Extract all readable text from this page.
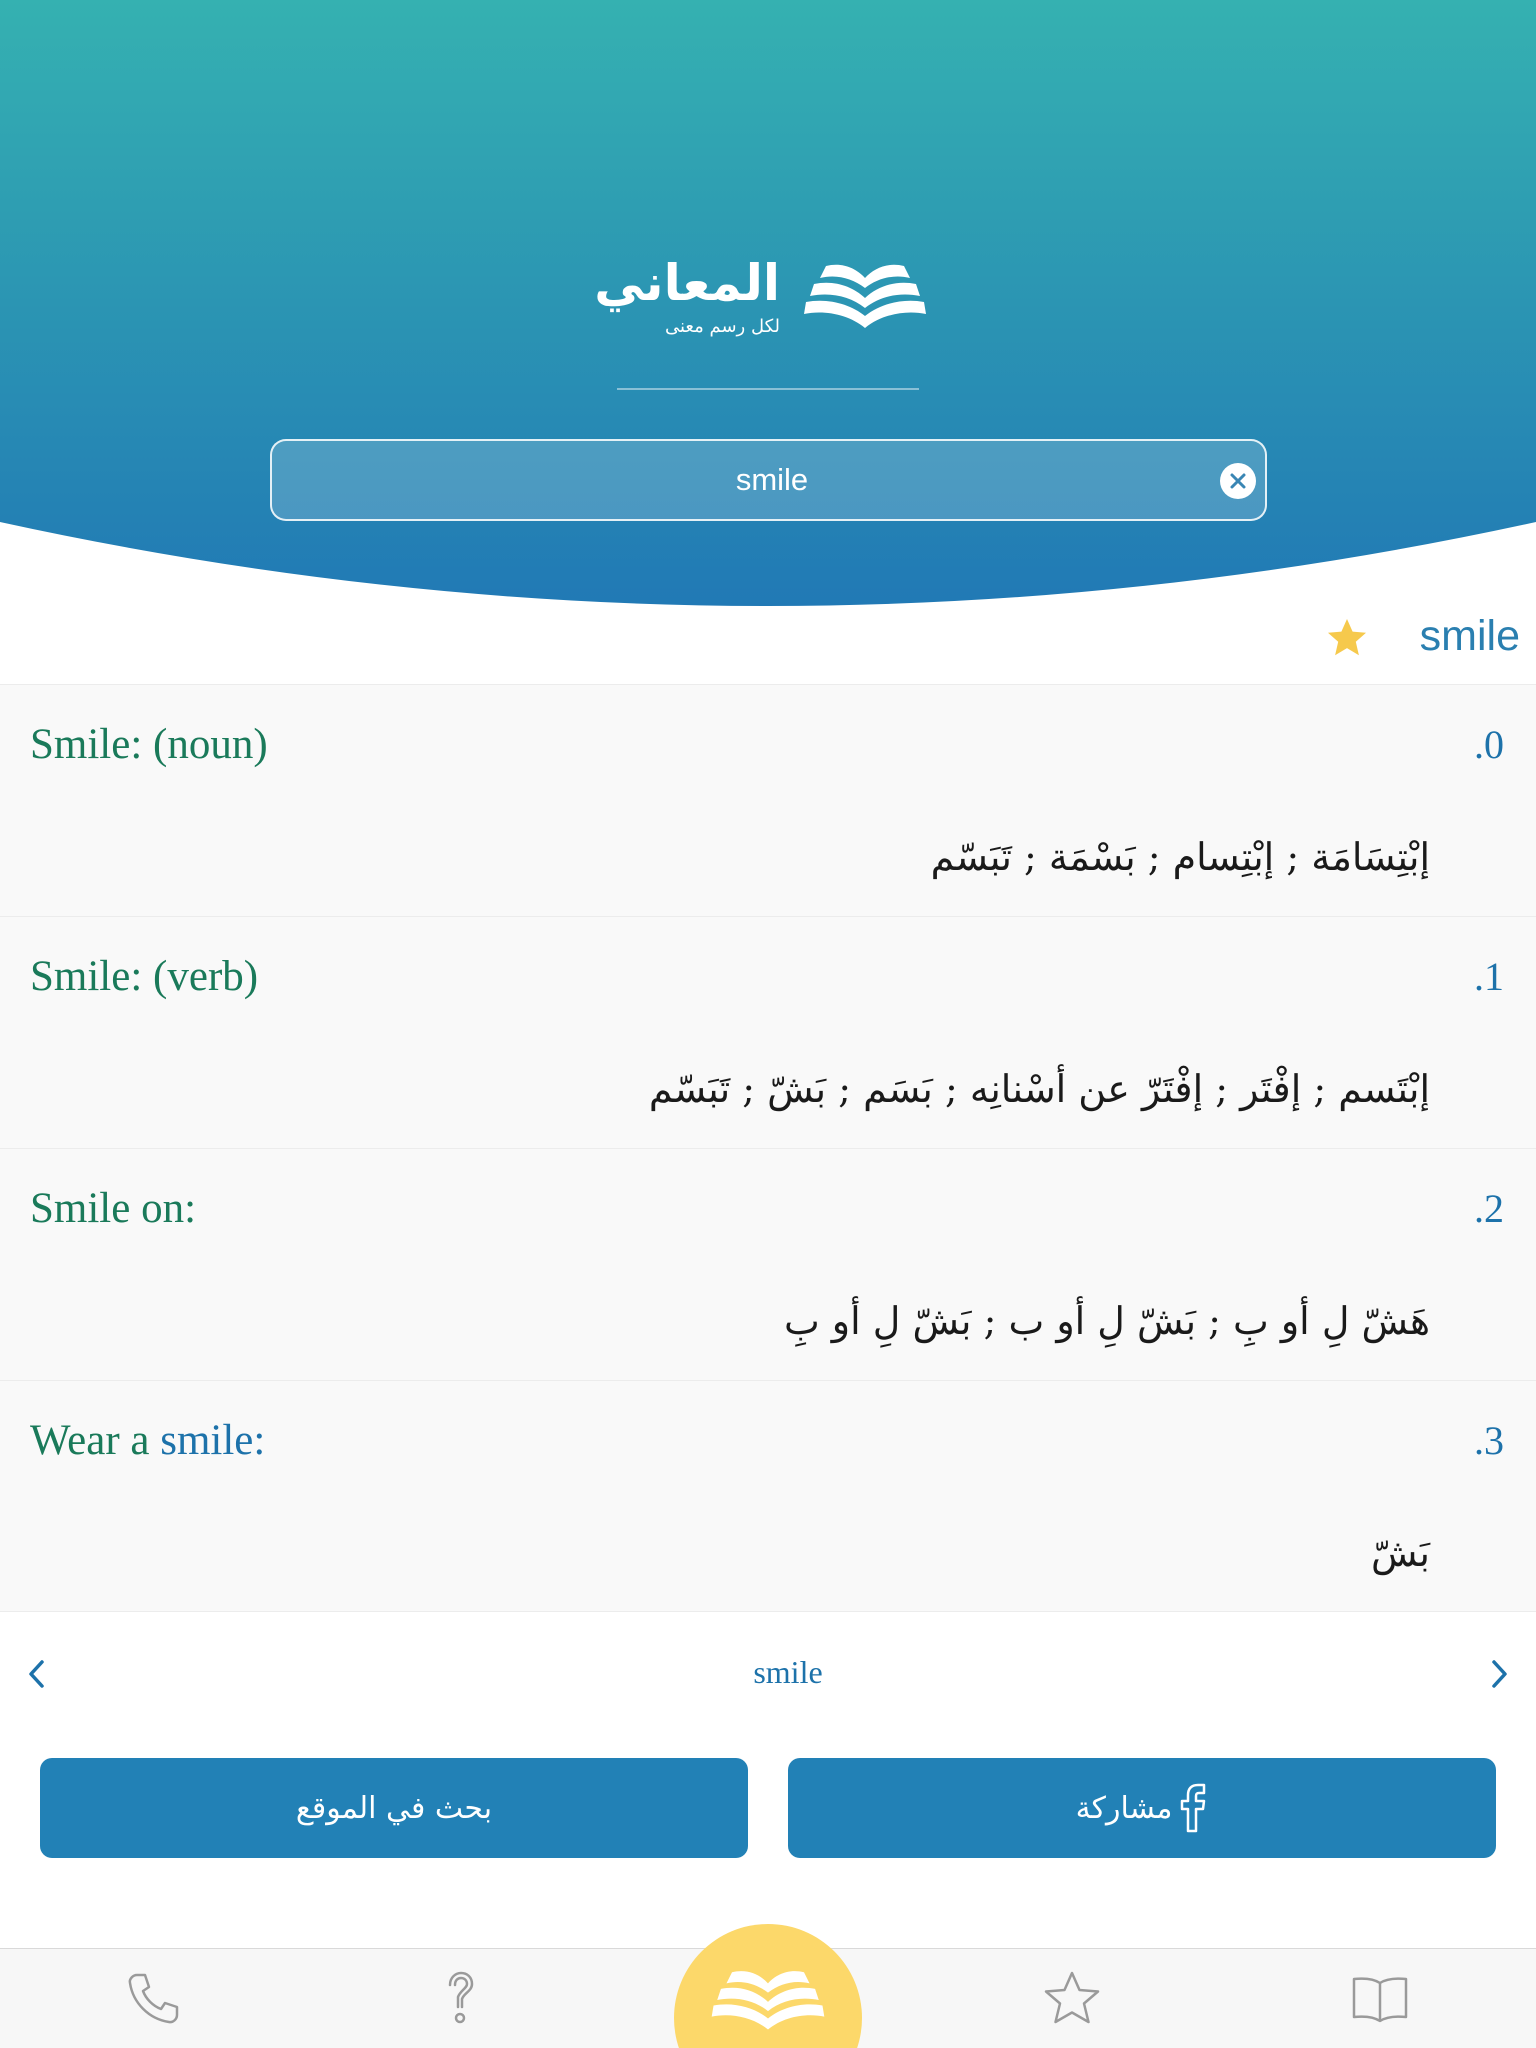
المعاني
لكل رسم معنى
smile
smile
Smile: (noun)	.0
إبْتِسَامَة ; إبْتِسام ; بَسْمَة ; تَبَسّم
Smile: (verb)	.1
إبْتَسم ; إفْتَر ; إفْتَرّ عن أسْنانِه ; بَسَم ; بَشّ ; تَبَسّم
Smile on:	.2
هَشّ لِ أو بِ ; بَشّ لِ أو ب ; بَشّ لِ أو بِ
Wear a smile:	.3
بَشّ
smile
بحث في الموقع	مشاركة
